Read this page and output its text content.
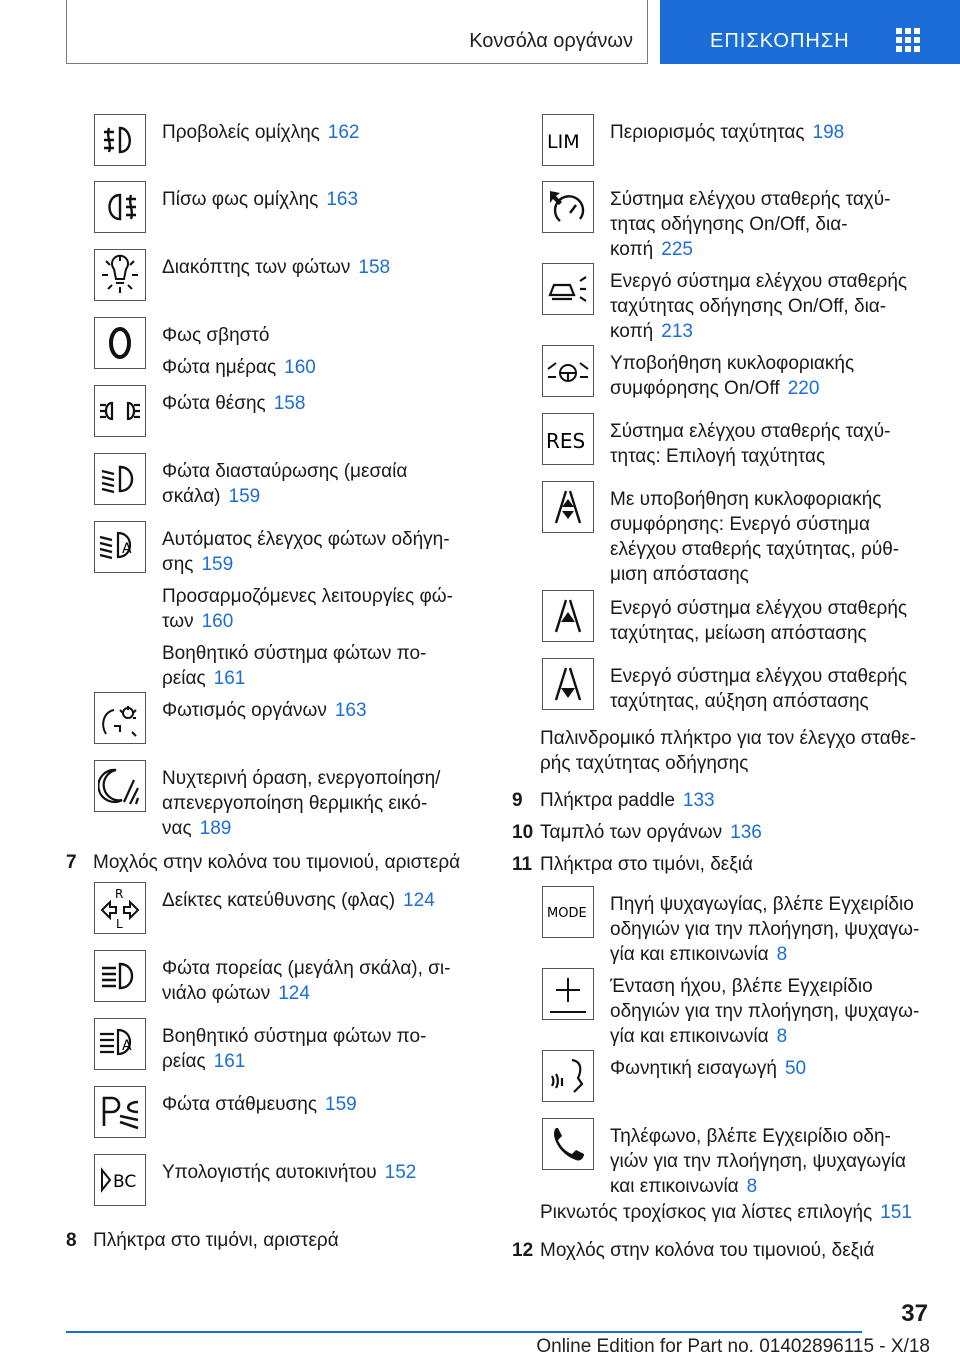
Κονσόλα οργάνων	ΕΠΙΣΚΟΠΗΣΗ
Προβολείς ομίχλης 162
Πίσω φως ομίχλης 163
Διακόπτης των φώτων 158
Φως σβηστό
Φώτα ημέρας 160
Φώτα θέσης 158
Φώτα διασταύρωσης (μεσαία
σκάλα) 159
A Αυτόματος έλεγχος φώτων οδήγη-
σης 159
Προσαρμοζόμενες λειτουργίες φώ-
των 160
Βοηθητικό σύστημα φώτων πο-
ρείας 161
Φωτισμός οργάνων 163
Νυχτερινή όραση, ενεργοποίηση/
απενεργοποίηση θερμικής εικό-
νας 189
R
L
Δείκτες κατεύθυνσης (φλας) 124
Φώτα πορείας (μεγάλη σκάλα), σι-
νιάλο φώτων 124
A Βοηθητικό σύστημα φώτων πο-
ρείας 161
Φώτα στάθμευσης 159
BC Υπολογιστής αυτοκινήτου 152
LIM Περιορισμός ταχύτητας 198
Σύστημα ελέγχου σταθερής ταχύ-
τητας οδήγησης On/Off, δια-
κοπή 225
Ενεργό σύστημα ελέγχου σταθερής
ταχύτητας οδήγησης On/Off, δια-
κοπή 213
Υποβοήθηση κυκλοφοριακής
συμφόρησης On/Off 220
RES Σύστημα ελέγχου σταθερής ταχύ-
τητας: Επιλογή ταχύτητας
Με υποβοήθηση κυκλοφοριακής
συμφόρησης: Ενεργό σύστημα
ελέγχου σταθερής ταχύτητας, ρύθ-
μιση απόστασης
Ενεργό σύστημα ελέγχου σταθερής
ταχύτητας, μείωση απόστασης
Ενεργό σύστημα ελέγχου σταθερής
ταχύτητας, αύξηση απόστασης
MODE Πηγή ψυχαγωγίας, βλέπε Εγχειρίδιο
οδηγιών για την πλοήγηση, ψυχαγω-
γία και επικοινωνία 8
Ένταση ήχου, βλέπε Εγχειρίδιο
οδηγιών για την πλοήγηση, ψυχαγω-
γία και επικοινωνία 8
Φωνητική εισαγωγή 50
Τηλέφωνο, βλέπε Εγχειρίδιο οδη-
γιών για την πλοήγηση, ψυχαγωγία
και επικοινωνία 8
7 Μοχλός στην κολόνα του τιμονιού, αριστερά
8 Πλήκτρα στο τιμόνι, αριστερά
Παλινδρομικό πλήκτρο για τον έλεγχο σταθε-
ρής ταχύτητας οδήγησης
9 Πλήκτρα paddle 133
10 Ταμπλό των οργάνων 136
11 Πλήκτρα στο τιμόνι, δεξιά
Ρικνωτός τροχίσκος για λίστες επιλογής 151
12 Μοχλός στην κολόνα του τιμονιού, δεξιά
37
Online Edition for Part no. 01402896115 - X/18
